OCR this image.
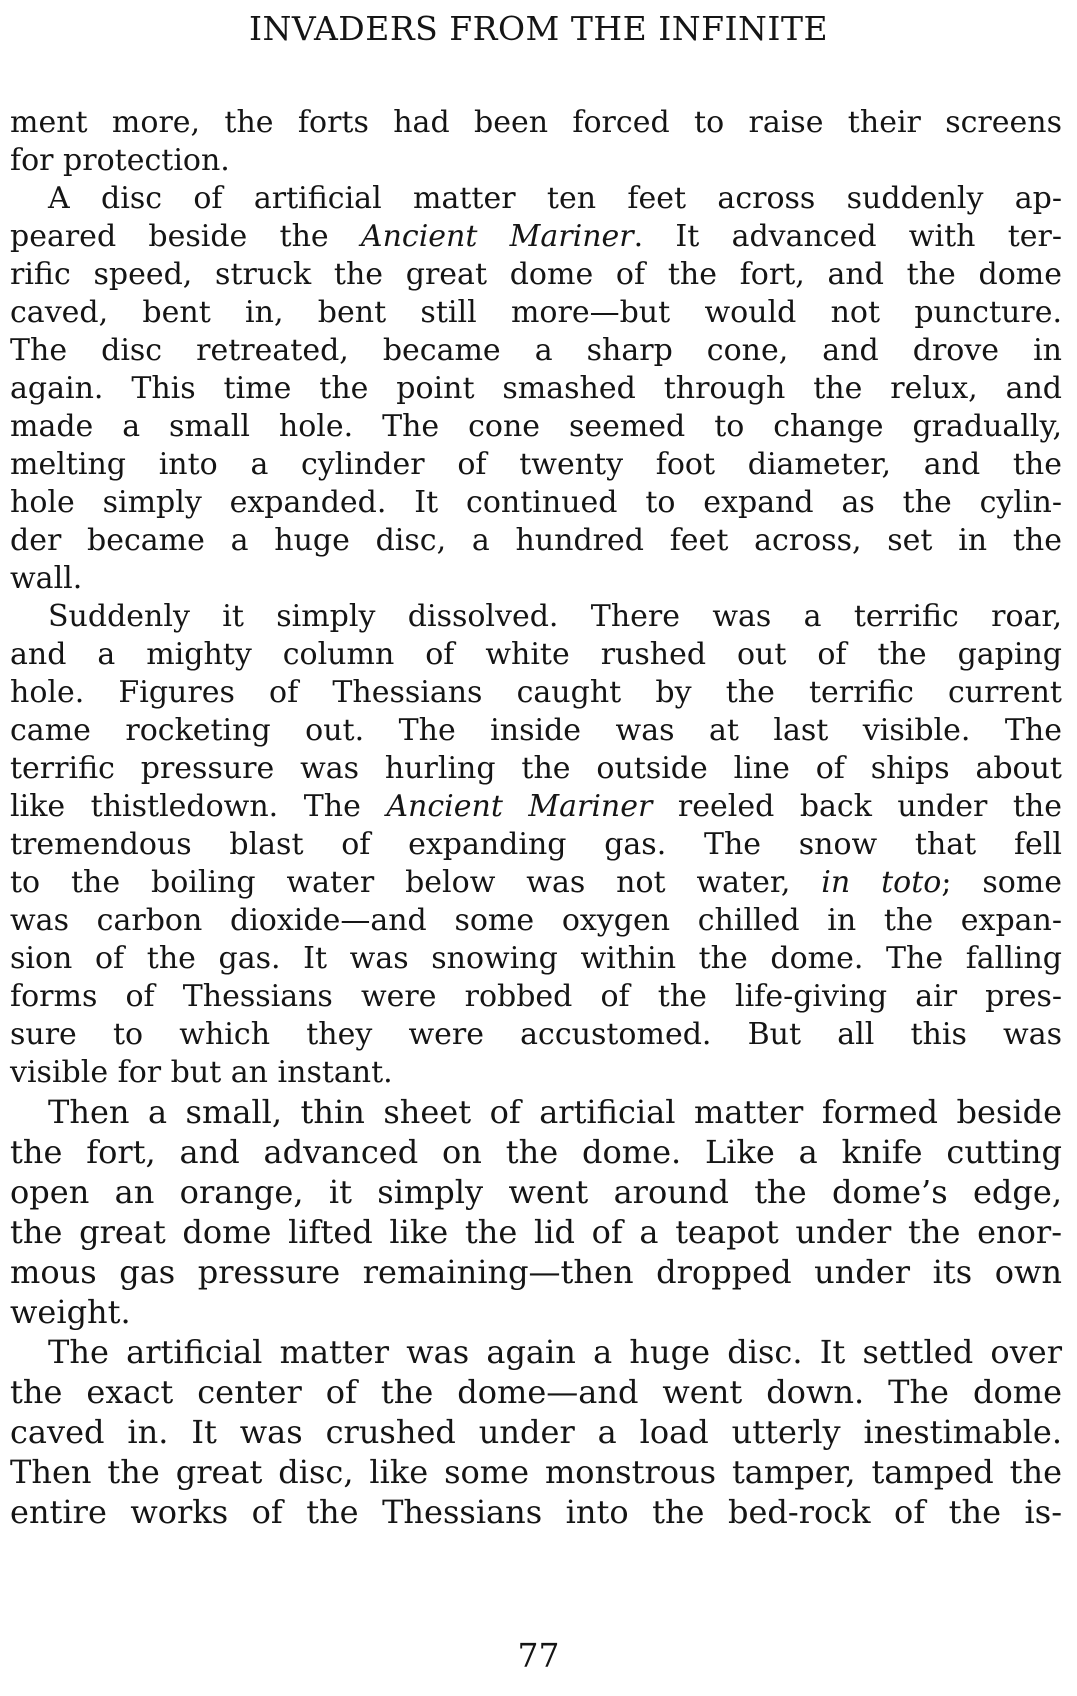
INVADERS FROM THE INFINITE
ment more, the forts had been forced to raise their screens
for protection.
A disc of artificial matter ten feet across suddenly ap-
peared beside the Ancient Mariner. It advanced with ter-
rific speed, struck the great dome of the fort, and the dome
caved, bent in, bent still more—but would not puncture.
The disc retreated, became a sharp cone, and drove in
again. This time the point smashed through the relux, and
made a small hole. The cone seemed to change gradually,
melting into a cylinder of twenty foot diameter, and the
hole simply expanded. It continued to expand as the cylin-
der became a huge disc, a hundred feet across, set in the
wall.
Suddenly it simply dissolved. There was a terrific roar,
and a mighty column of white rushed out of the gaping
hole. Figures of Thessians caught by the terrific current
came rocketing out. The inside was at last visible. The
terrific pressure was hurling the outside line of ships about
like thistledown. The Ancient Mariner reeled back under the
tremendous blast of expanding gas. The snow that fell
to the boiling water below was not water, in toto; some
was carbon dioxide—and some oxygen chilled in the expan-
sion of the gas. It was snowing within the dome. The falling
forms of Thessians were robbed of the life-giving air pres-
sure to which they were accustomed. But all this was
visible for but an instant.
Then a small, thin sheet of artificial matter formed beside
the fort, and advanced on the dome. Like a knife cutting
open an orange, it simply went around the dome’s edge,
the great dome lifted like the lid of a teapot under the enor-
mous gas pressure remaining—then dropped under its own
weight.
The artificial matter was again a huge disc. It settled over
the exact center of the dome—and went down. The dome
caved in. It was crushed under a load utterly inestimable.
Then the great disc, like some monstrous tamper, tamped the
entire works of the Thessians into the bed-rock of the is-
77
